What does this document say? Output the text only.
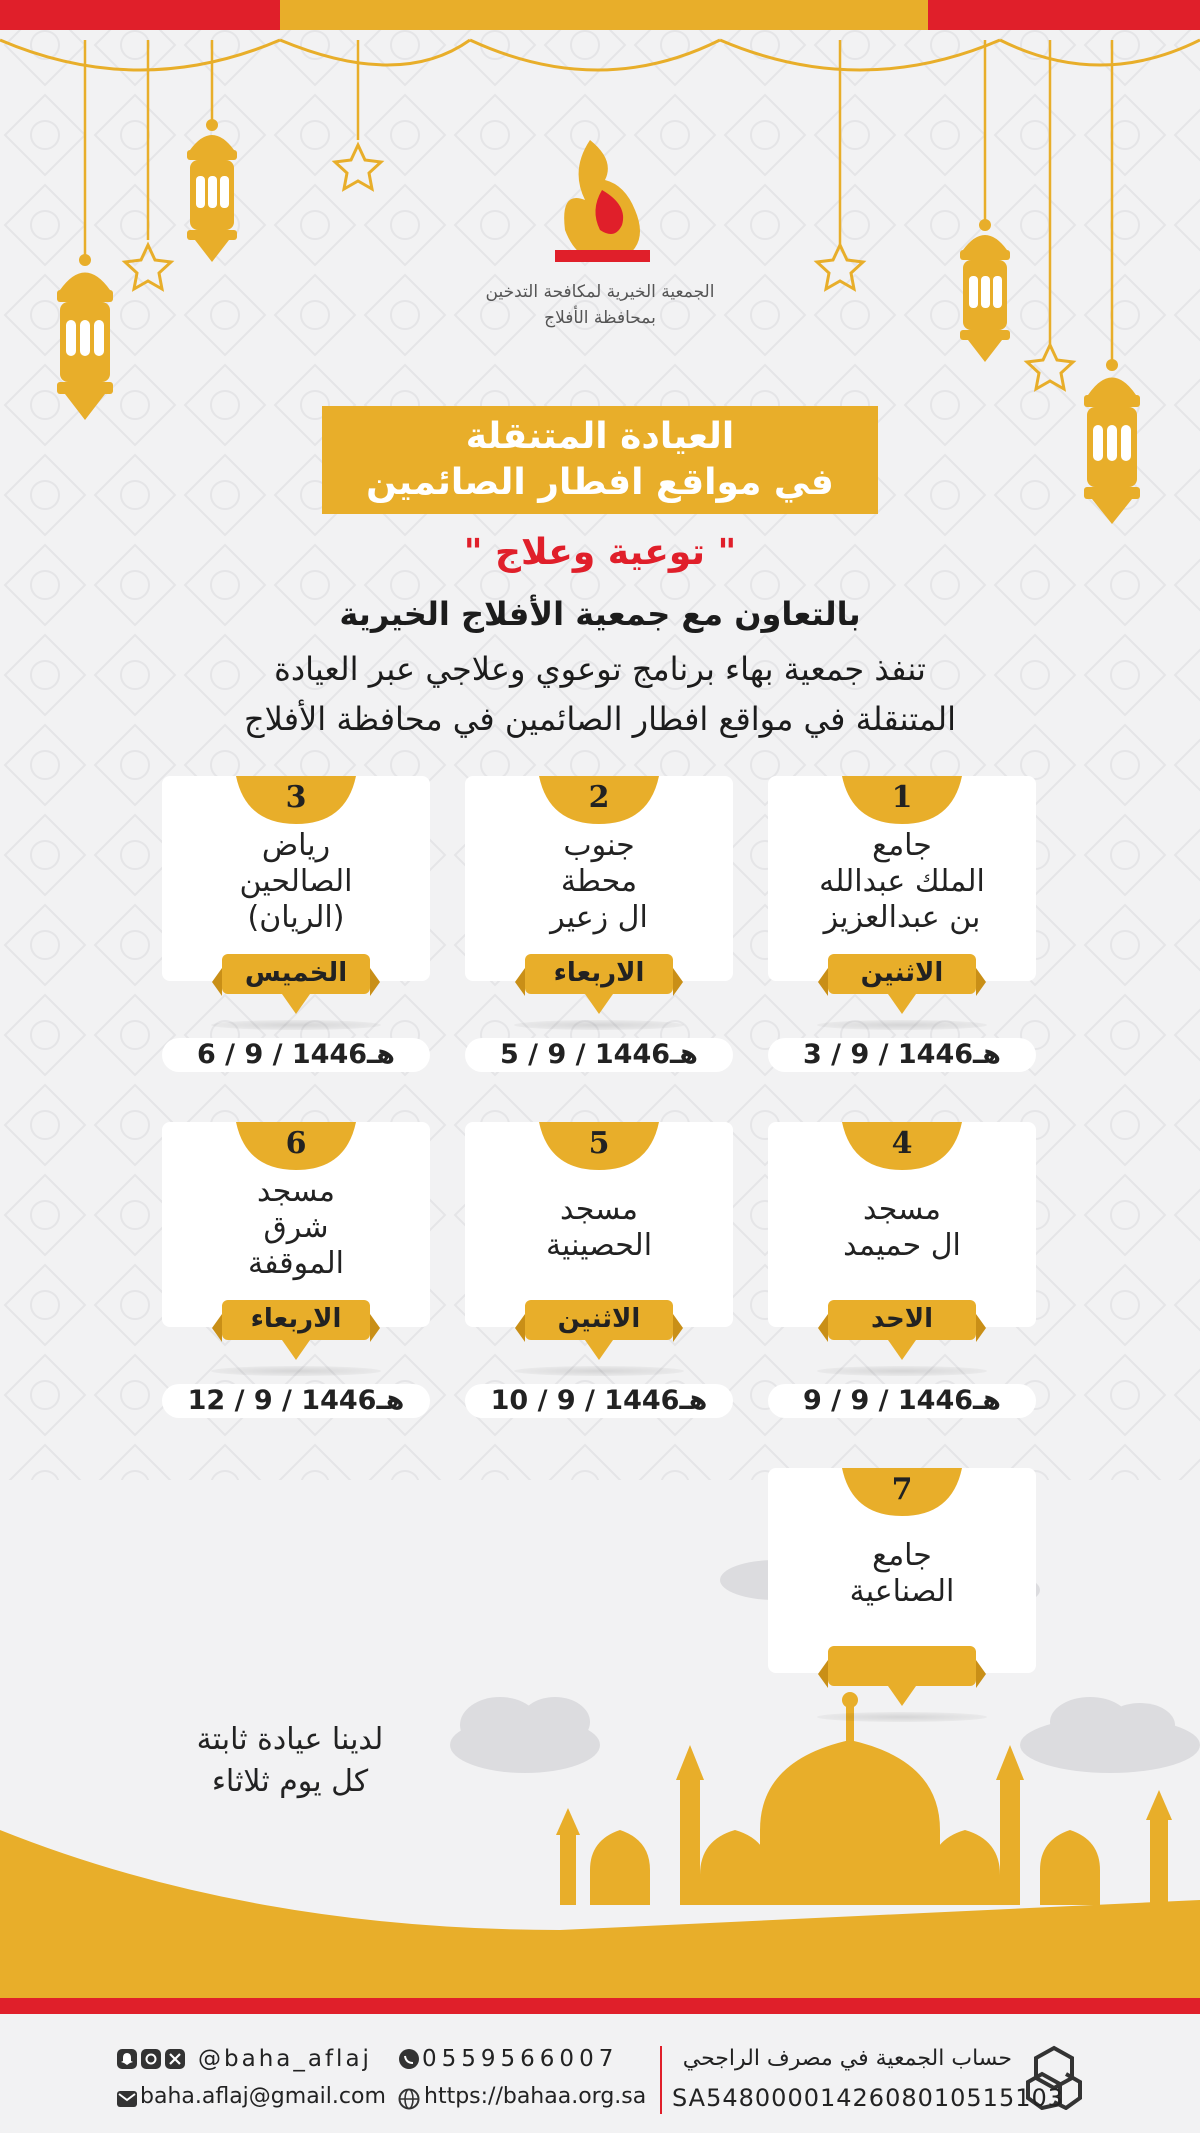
الجمعية الخيرية لمكافحة التدخين
بمحافظة الأفلاج
العيادة المتنقلة
في مواقع افطار الصائمين
" توعية وعلاج "
بالتعاون مع جمعية الأفلاج الخيرية
تنفذ جمعية بهاء برنامج توعوي وعلاجي عبر العيادة
المتنقلة في مواقع افطار الصائمين في محافظة الأفلاج
1
جامع
الملك عبدالله
بن عبدالعزيز
الاثنين
3 / 9 / 1446هـ
2
جنوب
محطة
ال زعير
الاربعاء
5 / 9 / 1446هـ
3
رياض
الصالحين
(الريان)
الخميس
6 / 9 / 1446هـ
4
مسجد
ال حميمد
الاحد
9 / 9 / 1446هـ
5
مسجد
الحصينية
الاثنين
10 / 9 / 1446هـ
6
مسجد
شرق
الموقفة
الاربعاء
12 / 9 / 1446هـ
7
جامع
الصناعية
لدينا عيادة ثابتة
كل يوم ثلاثاء
حساب الجمعية في مصرف الراجحي
SA5480000142608010515103
@baha_aflaj	0559566007
baha.aflaj@gmail.com https://bahaa.org.sa
